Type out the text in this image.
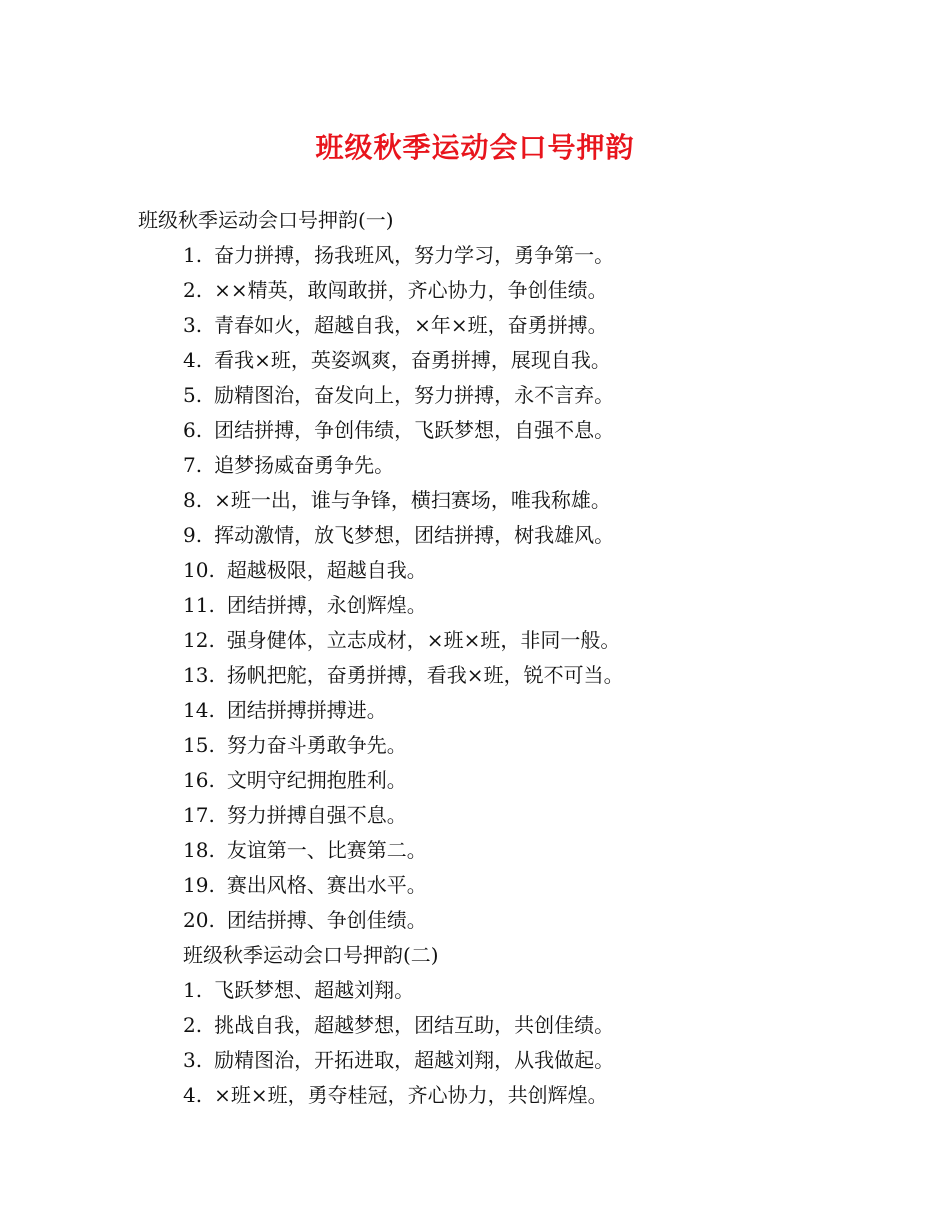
班级秋季运动会口号押韵
班级秋季运动会口号押韵(一)
1. 奋力拼搏，扬我班风，努力学习，勇争第一。
2. ××精英，敢闯敢拼，齐心协力，争创佳绩。
3. 青春如火，超越自我，×年×班，奋勇拼搏。
4. 看我×班，英姿飒爽，奋勇拼搏，展现自我。
5. 励精图治，奋发向上，努力拼搏，永不言弃。
6. 团结拼搏，争创伟绩，飞跃梦想，自强不息。
7. 追梦扬威奋勇争先。
8. ×班一出，谁与争锋，横扫赛场，唯我称雄。
9. 挥动激情，放飞梦想，团结拼搏，树我雄风。
10. 超越极限，超越自我。
11. 团结拼搏，永创辉煌。
12. 强身健体，立志成材，×班×班，非同一般。
13. 扬帆把舵，奋勇拼搏，看我×班，锐不可当。
14. 团结拼搏拼搏进。
15. 努力奋斗勇敢争先。
16. 文明守纪拥抱胜利。
17. 努力拼搏自强不息。
18. 友谊第一、比赛第二。
19. 赛出风格、赛出水平。
20. 团结拼搏、争创佳绩。
班级秋季运动会口号押韵(二)
1. 飞跃梦想、超越刘翔。
2. 挑战自我，超越梦想，团结互助，共创佳绩。
3. 励精图治，开拓进取，超越刘翔，从我做起。
4. ×班×班，勇夺桂冠，齐心协力，共创辉煌。
